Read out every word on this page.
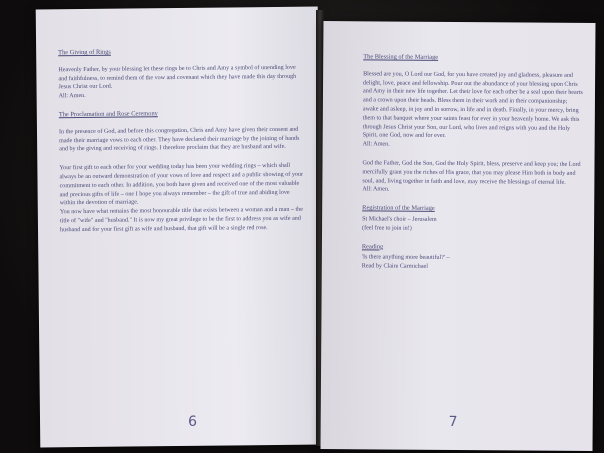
The Giving of Rings

Heavenly Father, by your blessing let these rings be to Chris and Amy a symbol of unending love and faithfulness, to remind them of the vow and covenant which they have made this day through Jesus Christ our Lord.

All: Amen.

The Proclamation and Rose Ceremony

In the presence of God, and before this congregation, Chris and Amy have given their consent and made their marriage vows to each other. They have declared their marriage by the joining of hands and by the giving and receiving of rings. I therefore proclaim that they are husband and wife.

Your first gift to each other for your wedding today has been your wedding rings – which shall always be an outward demonstration of your vows of love and respect and a public showing of your commitment to each other. In addition, you both have given and received one of the most valuable and precious gifts of life – one I hope you always remember – the gift of true and abiding love within the devotion of marriage.

You now have what remains the most honourable title that exists between a woman and a man – the title of "wife" and "husband." It is now my great privilege to be the first to address you as wife and husband and for your first gift as wife and husband, that gift will be a single red rose.

6

The Blessing of the Marriage

Blessed are you, O Lord our God, for you have created joy and gladness, pleasure and delight, love, peace and fellowship. Pour out the abundance of your blessing upon Chris and Amy in their new life together. Let their love for each other be a seal upon their hearts and a crown upon their heads. Bless them in their work and in their companionship; awake and asleep, in joy and in sorrow, in life and in death. Finally, in your mercy, bring them to that banquet where your saints feast for ever in your heavenly home. We ask this through Jesus Christ your Son, our Lord, who lives and reigns with you and the Holy Spirit, one God, now and for ever.

All: Amen.

God the Father, God the Son, God the Holy Spirit, bless, preserve and keep you; the Lord mercifully grant you the riches of His grace, that you may please Him both in body and soul, and, living together in faith and love, may receive the blessings of eternal life.

All: Amen.

Registration of the Marriage

St Michael's choir – Jerusalem

(feel free to join in!)

Reading

'Is there anything more beautiful?' –

Read by Claire Carmichael

7
